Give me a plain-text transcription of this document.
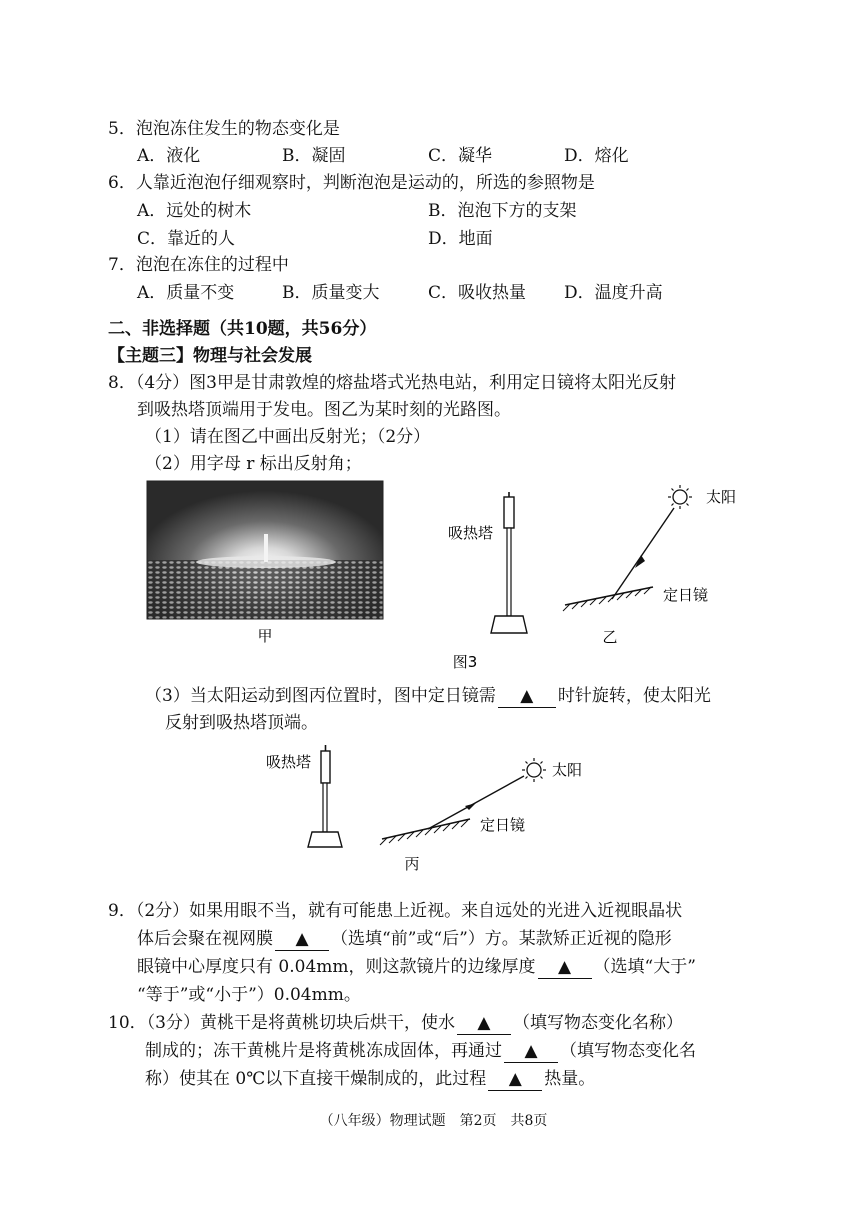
5．泡泡冻住发生的物态变化是
A．液化	B．凝固	C．凝华	D．熔化
6．人靠近泡泡仔细观察时，判断泡泡是运动的，所选的参照物是
A．远处的树木	B．泡泡下方的支架
C．靠近的人	D．地面
7．泡泡在冻住的过程中
A．质量不变	B．质量变大	C．吸收热量 D．温度升高
二、非选择题（共10题，共56分）
【主题三】物理与社会发展
8．（4分）图3甲是甘肃敦煌的熔盐塔式光热电站，利用定日镜将太阳光反射
到吸热塔顶端用于发电。图乙为某时刻的光路图。
（1）请在图乙中画出反射光；（2分）
（2）用字母 r 标出反射角；
甲
吸热塔
太阳
定日镜
乙
图3
（3）当太阳运动到图丙位置时，图中定日镜需 ▲ 时针旋转，使太阳光
反射到吸热塔顶端。
吸热塔	太阳
定日镜
丙
9．（2分）如果用眼不当，就有可能患上近视。来自远处的光进入近视眼晶状
体后会聚在视网膜 ▲ （选填“前”或“后”）方。某款矫正近视的隐形
眼镜中心厚度只有 0.04mm，则这款镜片的边缘厚度 ▲ （选填“大于”
“等于”或“小于”）0.04mm。
10．（3分）黄桃干是将黄桃切块后烘干，使水 ▲ （填写物态变化名称）
制成的；冻干黄桃片是将黄桃冻成固体，再通过 ▲ （填写物态变化名
称）使其在 0℃以下直接干燥制成的，此过程 ▲ 热量。
（八年级）物理试题　第2页　共8页
